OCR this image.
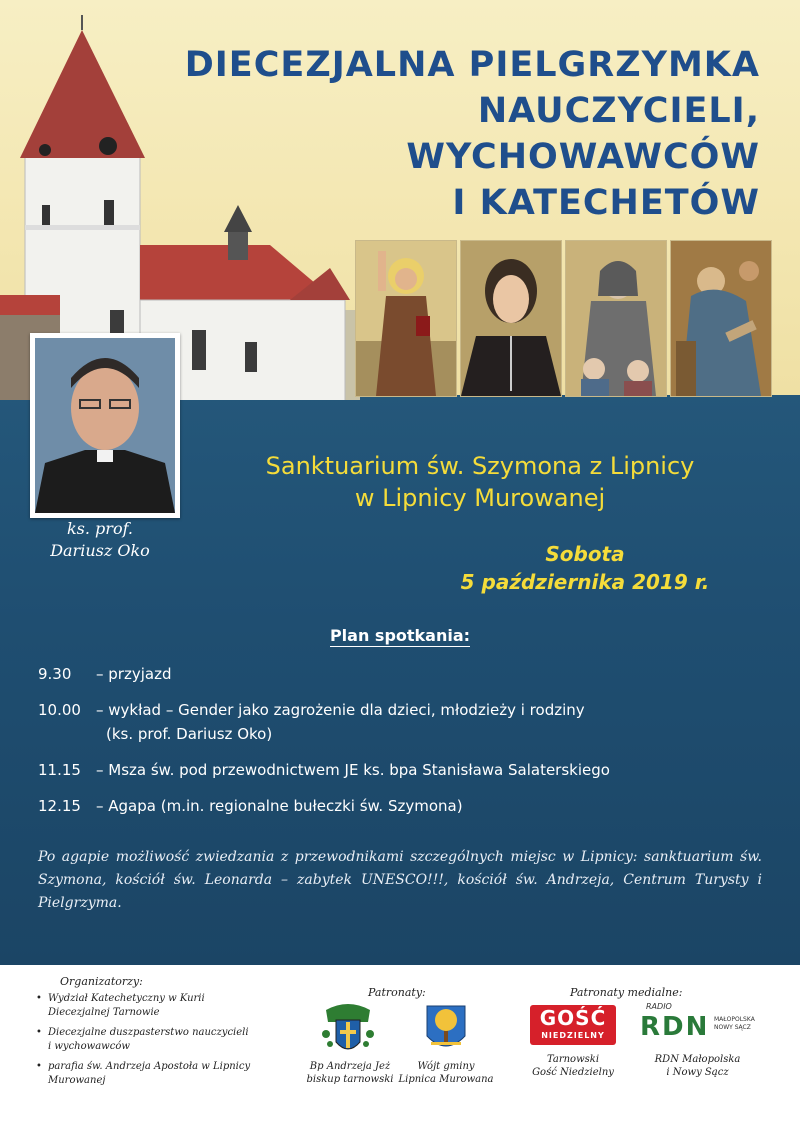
DIECEZJALNA PIELGRZYMKA
NAUCZYCIELI,
WYCHOWAWCÓW
I KATECHETÓW
ks. prof.
Dariusz Oko
Sanktuarium św. Szymona z Lipnicy
w Lipnicy Murowanej
Sobota
5 października 2019 r.
Plan spotkania:
9.30	– przyjazd
10.00	– wykład – Gender jako zagrożenie dla dzieci, młodzieży i rodziny
(ks. prof. Dariusz Oko)
11.15	– Msza św. pod przewodnictwem JE ks. bpa Stanisława Salaterskiego
12.15	– Agapa (m.in. regionalne bułeczki św. Szymona)
Po agapie możliwość zwiedzania z przewodnikami szczególnych miejsc w Lipnicy: sanktuarium św. Szymona, kościół św. Leonarda – zabytek UNESCO!!!, kościół św. Andrzeja, Centrum Turysty i Pielgrzyma.
Organizatorzy:
• Wydział Katechetyczny w Kurii Diecezjalnej Tarnowie
• Diecezjalne duszpasterstwo nauczycieli i wychowawców
• parafia św. Andrzeja Apostoła w Lipnicy Murowanej
Patronaty:
Bp Andrzeja Jeż
biskup tarnowski
Wójt gminy
Lipnica Murowana
Patronaty medialne:
GOŚĆ
NIEDZIELNY
Tarnowski
Gość Niedzielny
RADIO
RDN MAŁOPOLSKA
NOWY SĄCZ
RDN Małopolska
i Nowy Sącz
